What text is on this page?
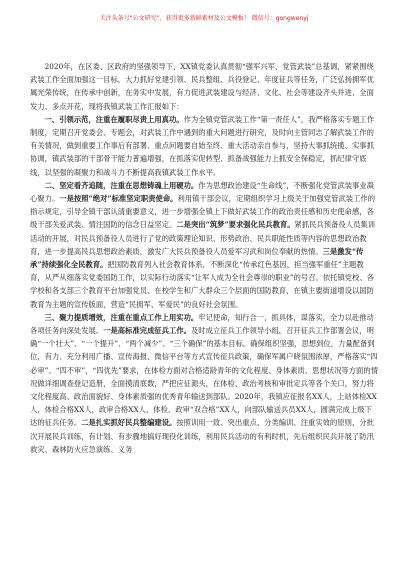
关注头条号“公文研究”，获得更多新鲜素材及公文模板！ 微信号：gongwenyj

2020年，在区委、区政府的坚强领导下，XX镇党委认真贯彻“强军兴军、党管武装”总基调，紧紧围绕武装工作全面加强这一目标，大力抓好党建引领、民兵整组、兵役登记、年度征兵等任务，广泛弘扬拥军优属光荣传统，在传承中创新，在务实中发展，有力促进武装建设与经济、文化、社会等建设齐头并进、全面发力、多点开花，现将我镇武装工作汇报如下：

一、引领示范，注重在履职尽责上用真功。作为全镇党管武装工作“第一责任人”，我严格落实专题工作制度，定期召开党委会、专题会，对武装工作中遇到的重大问题进行研究，及时向主管同志了解武装工作的有关情况，做到重要工作事后有部署、重点问题要自始至终、重大活动亲自参与，坚持大事抓统揽、实事抓协调，镇武装部的干部骨干能力普遍增强，在抓落实促转型、抓备战强能力上抓安全保稳定，抓纪律守底线，以坚强的凝聚力和战斗力不断提高我镇武装工作水平。

二、坚定看齐追随，注重在思想铸魂上用硬功。作为思想政治建设“生命线”，不断强化党管武装事业凝心聚力。一是按照“绝对”标准坚定职责使命。利用镇干部会议，定期组织学习上级关于加强党管武装工作的指示规定，引导全镇干部认清重要意义，进一步增强全镇上下做好武装工作的政治责任感和历史使命感，各级干部关爱武装、情注国防的信念日益坚定。二是突出“筑梦”要求强化民兵教育。紧抓民兵预备役人员集训活动的开展，对民兵预备役人员进行了党的政策理论知识、形势政治、民兵职能性质等内容的思想政治教育，进一步提高民兵思想政治素质，激发广大民兵预备役人员爱军习武和岗位奉献的热情。三是激发“传承”持续强化全民教育。把国防教育列入社会教育体系，不断深化“传承红色基因，担当强军重任”主题教育，从严从细落实党委国防工作，以实际行动落实“让军人成为全社会尊崇的职业”的号召。依托镇党校、各学校和各支部三个教育平台加强党员、在校学生和广大群众三个层面的国防教育，在镇主要街道增设以国防教育为主题的宣传版面，营造“民拥军、军爱民”的良好社会氛围。

三、聚力提质增效，注重在重点工作上用实功。牢记使命，知行合一，抓具体，谋落实，全力以赴推动各项任务向深处发展。一是高标准完成征兵工作。及时成立征兵工作领导小组，召开征兵工作部署会议，明确“一个壮大”、“一个提升”、“两个减少”、“三个确保”的基本目标。确保组织坚强，思想到位，力量配备到位，有力、充分利用广播、宣传海报、微信平台等方式宣传征兵政策，确保军属户晓氛围浓厚，严格落实“四必审”、“四不审”，“四优先”要求，在体检方面对合格适龄青年的文化程度、身体素质、思想状况等方面的情况做详细调查登记造册，全面摸清底数，严把应征源头，在体检、政治考核和审批定兵等各个关口，努力将文化程度高、政治面貌好、身体素质强的优秀青年输送到部队。2020年，我镇应征报名XX人，上站体检XX人，体检合格XX人，政审合格XX人，体检、政审“双合格”XX人，向部队输送兵员XX人，圆满完成上级下达的征兵任务。二是扎实抓好民兵整编建设。按照训用一致、突出重点、分类编训、注重实效的原则，分批次开展民兵训练，有计划、有步骤地搞好现役化训练，利用民兵活动的有利时机，先后组织民兵开展了防汛救灾、森林防火应急演练、义务
